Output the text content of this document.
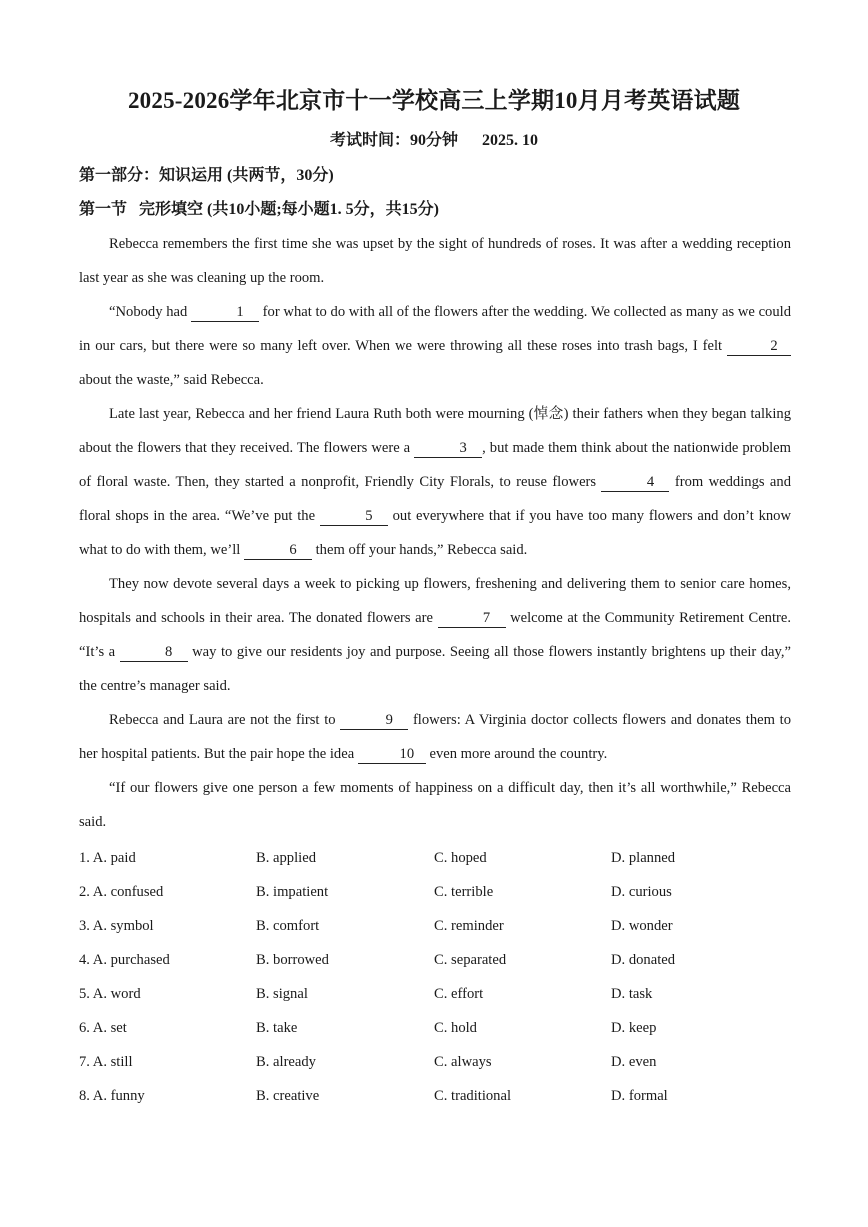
2025-2026学年北京市十一学校高三上学期10月月考英语试题
考试时间：90分钟      2025. 10
第一部分：知识运用 (共两节，30分)
第一节   完形填空 (共10小题;每小题1. 5分，共15分)

Rebecca remembers the first time she was upset by the sight of hundreds of roses. It was after a wedding reception last year as she was cleaning up the room.

“Nobody had	1 for what to do with all of the flowers after the wedding. We collected as many as we could in our cars, but there were so many left over. When we were throwing all these roses into trash bags, I felt	2 about the waste,” said Rebecca.

Late last year, Rebecca and her friend Laura Ruth both were mourning (悼念) their fathers when they began talking about the flowers that they received. The flowers were a	3 , but made them think about the nationwide problem of floral waste. Then, they started a nonprofit, Friendly City Florals, to reuse flowers	4 from weddings and floral shops in the area. “We’ve put the	5 out everywhere that if you have too many flowers and don’t know what to do with them, we’ll	6 them off your hands,” Rebecca said.

They now devote several days a week to picking up flowers, freshening and delivering them to senior care homes, hospitals and schools in their area. The donated flowers are	7 welcome at the Community Retirement Centre. “It’s a	8 way to give our residents joy and purpose. Seeing all those flowers instantly brightens up their day,” the centre’s manager said.

Rebecca and Laura are not the first to	9 flowers: A Virginia doctor collects flowers and donates them to her hospital patients. But the pair hope the idea	10 even more around the country.

“If our flowers give one person a few moments of happiness on a difficult day, then it’s all worthwhile,” Rebecca said.

1. A. paid	B. applied	C. hoped	D. planned
2. A. confused	B. impatient	C. terrible	D. curious
3. A. symbol	B. comfort	C. reminder	D. wonder
4. A. purchased	B. borrowed	C. separated	D. donated
5. A. word	B. signal	C. effort	D. task
6. A. set	B. take	C. hold	D. keep
7. A. still	B. already	C. always	D. even
8. A. funny	B. creative	C. traditional	D. formal
